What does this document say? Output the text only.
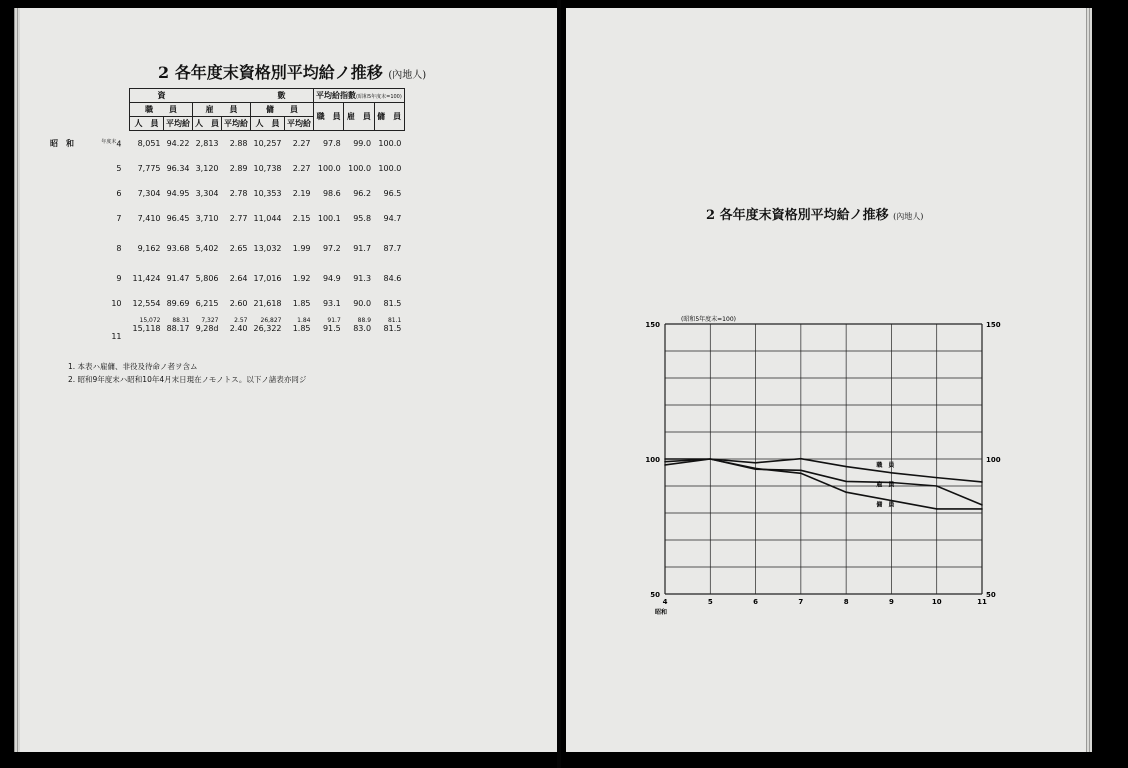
2 各年度末資格別平均給ノ推移 (內地人)
	資　　　　　　　　　　　　　　數						平均給指數(昭和5年度末=100)		
	職　　員		雇　　員		傭　　員		職　員	雇　員	傭　員
	人　員	平均給	人　員	平均給	人　員	平均給			

昭　和 $^{年度末}$4	8,051	94.22	2,813	2.88	10,257	2.27	97.8	99.0	100.0
5	7,775	96.34	3,120	2.89	10,738	2.27	100.0	100.0	100.0
6	7,304	94.95	3,304	2.78	10,353	2.19	98.6	96.2	96.5
7	7,410	96.45	3,710	2.77	11,044	2.15	100.1	95.8	94.7
8	9,162	93.68	5,402	2.65	13,032	1.99	97.2	91.7	87.7
9	11,424	91.47	5,806	2.64	17,016	1.92	94.9	91.3	84.6
10	12,554	89.69	6,215	2.60	21,618	1.85	93.1	90.0	81.5
	15,072	88.31	7,327	2.57	26,827	1.84	91.7	88.9	81.1
11	15,118	88.17	9,28d	2.40	26,322	1.85	91.5	83.0	81.5
1. 本表ハ雇傭、非役及待命ノ者ヲ含ム
2. 昭和9年度末ハ昭和10年4月末日現在ノモノトス。以下ノ諸表亦同ジ
2 各年度末資格別平均給ノ推移 (內地人)
50	50
100	100
150	150
4	5	6	7	8	9	10	11
昭和
(昭和5年度末=100)
職　員
雇　員
傭　員
